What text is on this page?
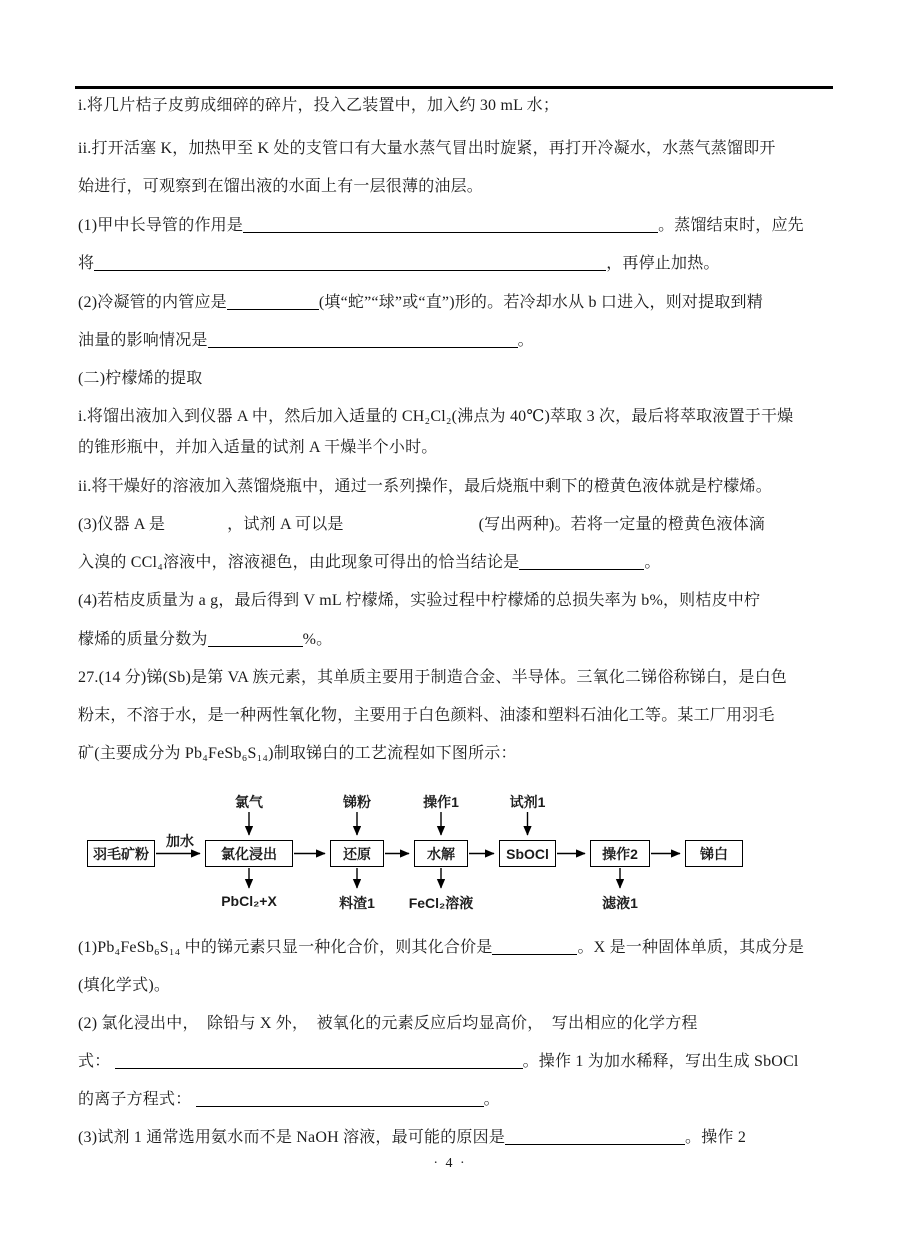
i.将几片桔子皮剪成细碎的碎片，投入乙装置中，加入约 30 mL 水；
ii.打开活塞 K，加热甲至 K 处的支管口有大量水蒸气冒出时旋紧，再打开冷凝水，水蒸气蒸馏即开
始进行，可观察到在馏出液的水面上有一层很薄的油层。
(1)甲中长导管的作用是	。蒸馏结束时，应先
将	，再停止加热。
(2)冷凝管的内管应是	(填“蛇”“球”或“直”)形的。若冷却水从 b 口进入，则对提取到精
油量的影响情况是	。
(二)柠檬烯的提取
i.将馏出液加入到仪器 A 中，然后加入适量的 CH₂Cl₂(沸点为 40℃)萃取 3 次，最后将萃取液置于干燥
的锥形瓶中，并加入适量的试剂 A 干燥半个小时。
ii.将干燥好的溶液加入蒸馏烧瓶中，通过一系列操作，最后烧瓶中剩下的橙黄色液体就是柠檬烯。
(3)仪器 A 是	，试剂 A 可以是	(写出两种)。若将一定量的橙黄色液体滴
入溴的 CCl₄溶液中，溶液褪色，由此现象可得出的恰当结论是	。
(4)若桔皮质量为 a g，最后得到 V mL 柠檬烯，实验过程中柠檬烯的总损失率为 b%，则桔皮中柠
檬烯的质量分数为	%。
27.(14 分)锑(Sb)是第 VA 族元素，其单质主要用于制造合金、半导体。三氧化二锑俗称锑白，是白色
粉末，不溶于水，是一种两性氧化物，主要用于白色颜料、油漆和塑料石油化工等。某工厂用羽毛
矿(主要成分为 Pb₄FeSb₆S₁₄)制取锑白的工艺流程如下图所示：
(1)Pb₄FeSb₆S₁₄ 中的锑元素只显一种化合价，则其化合价是	。X 是一种固体单质，其成分是
(填化学式)。
(2) 氯化浸出中，  除铅与 X 外，  被氧化的元素反应后均显高价，  写出相应的化学方程
式：	。操作 1 为加水稀释，写出生成 SbOCl
的离子方程式：	。
(3)试剂 1 通常选用氨水而不是 NaOH 溶液，最可能的原因是	。操作 2
羽毛矿粉	氯化浸出	还原	水解	SbOCl	操作2	锑白
加水
氯气	锑粉	操作1	试剂1
PbCl₂+X	料渣1 FeCl₂溶液	滤液1
· 4 ·
